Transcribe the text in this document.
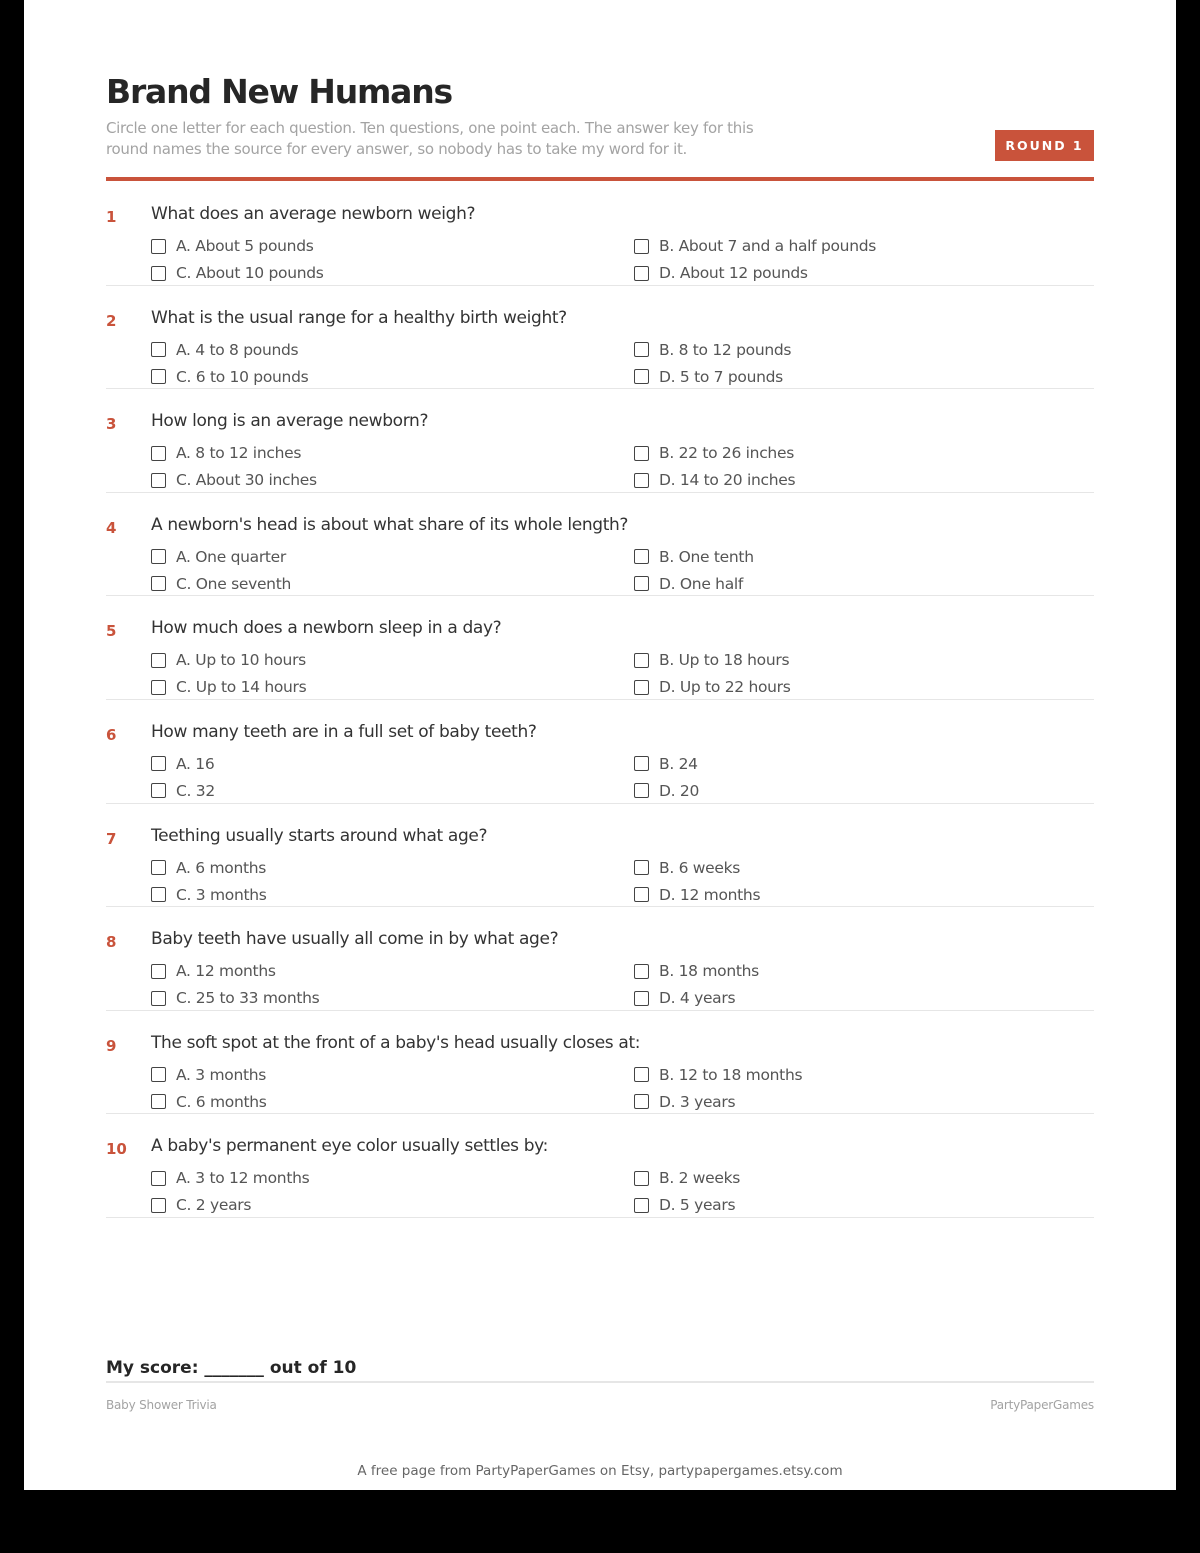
Brand New Humans

Circle one letter for each question. Ten questions, one point each. The answer key for this
round names the source for every answer, so nobody has to take my word for it.	ROUND 1
1 What does an average newborn weigh?
A. About 5 pounds	B. About 7 and a half pounds
C. About 10 pounds	D. About 12 pounds
2 What is the usual range for a healthy birth weight?
A. 4 to 8 pounds	B. 8 to 12 pounds
C. 6 to 10 pounds	D. 5 to 7 pounds
3 How long is an average newborn?
A. 8 to 12 inches	B. 22 to 26 inches
C. About 30 inches	D. 14 to 20 inches
4 A newborn's head is about what share of its whole length?
A. One quarter	B. One tenth
C. One seventh	D. One half
5 How much does a newborn sleep in a day?
A. Up to 10 hours	B. Up to 18 hours
C. Up to 14 hours	D. Up to 22 hours
6 How many teeth are in a full set of baby teeth?
A. 16	B. 24
C. 32	D. 20
7 Teething usually starts around what age?
A. 6 months	B. 6 weeks
C. 3 months	D. 12 months
8 Baby teeth have usually all come in by what age?
A. 12 months	B. 18 months
C. 25 to 33 months	D. 4 years
9 The soft spot at the front of a baby's head usually closes at:
A. 3 months	B. 12 to 18 months
C. 6 months	D. 3 years
10 A baby's permanent eye color usually settles by:
A. 3 to 12 months	B. 2 weeks
C. 2 years	D. 5 years
My score: _______ out of 10
Baby Shower Trivia	PartyPaperGames
A free page from PartyPaperGames on Etsy, partypapergames.etsy.com
